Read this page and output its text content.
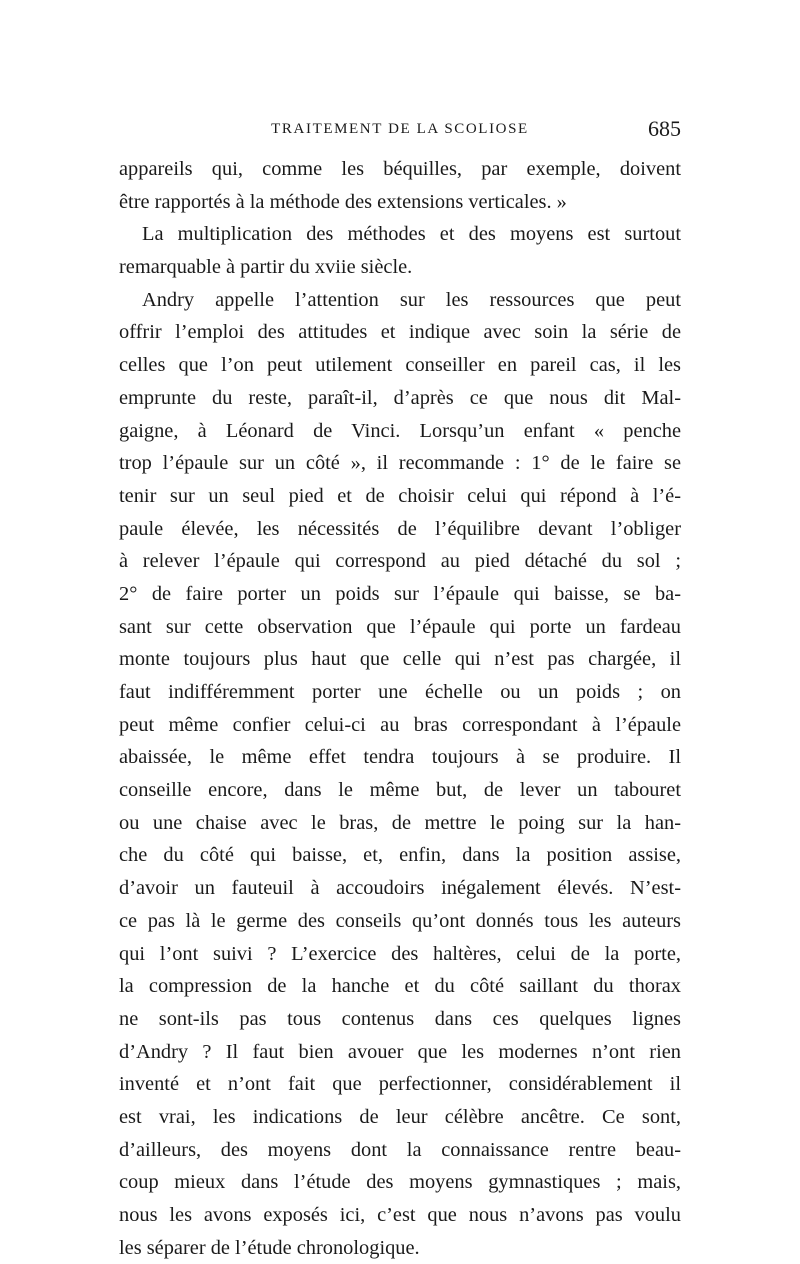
TRAITEMENT DE LA SCOLIOSE	685
appareils qui, comme les béquilles, par exemple, doivent
être rapportés à la méthode des extensions verticales. »
La multiplication des méthodes et des moyens est surtout
remarquable à partir du xviie siècle.
Andry appelle l’attention sur les ressources que peut
offrir l’emploi des attitudes et indique avec soin la série de
celles que l’on peut utilement conseiller en pareil cas, il les
emprunte du reste, paraît-il, d’après ce que nous dit Mal-
gaigne, à Léonard de Vinci. Lorsqu’un enfant « penche
trop l’épaule sur un côté », il recommande : 1° de le faire se
tenir sur un seul pied et de choisir celui qui répond à l’é-
paule élevée, les nécessités de l’équilibre devant l’obliger
à relever l’épaule qui correspond au pied détaché du sol ;
2° de faire porter un poids sur l’épaule qui baisse, se ba-
sant sur cette observation que l’épaule qui porte un fardeau
monte toujours plus haut que celle qui n’est pas chargée, il
faut indifféremment porter une échelle ou un poids ; on
peut même confier celui-ci au bras correspondant à l’épaule
abaissée, le même effet tendra toujours à se produire. Il
conseille encore, dans le même but, de lever un tabouret
ou une chaise avec le bras, de mettre le poing sur la han-
che du côté qui baisse, et, enfin, dans la position assise,
d’avoir un fauteuil à accoudoirs inégalement élevés. N’est-
ce pas là le germe des conseils qu’ont donnés tous les auteurs
qui l’ont suivi ? L’exercice des haltères, celui de la porte,
la compression de la hanche et du côté saillant du thorax
ne sont-ils pas tous contenus dans ces quelques lignes
d’Andry ? Il faut bien avouer que les modernes n’ont rien
inventé et n’ont fait que perfectionner, considérablement il
est vrai, les indications de leur célèbre ancêtre. Ce sont,
d’ailleurs, des moyens dont la connaissance rentre beau-
coup mieux dans l’étude des moyens gymnastiques ; mais,
nous les avons exposés ici, c’est que nous n’avons pas voulu
les séparer de l’étude chronologique.
